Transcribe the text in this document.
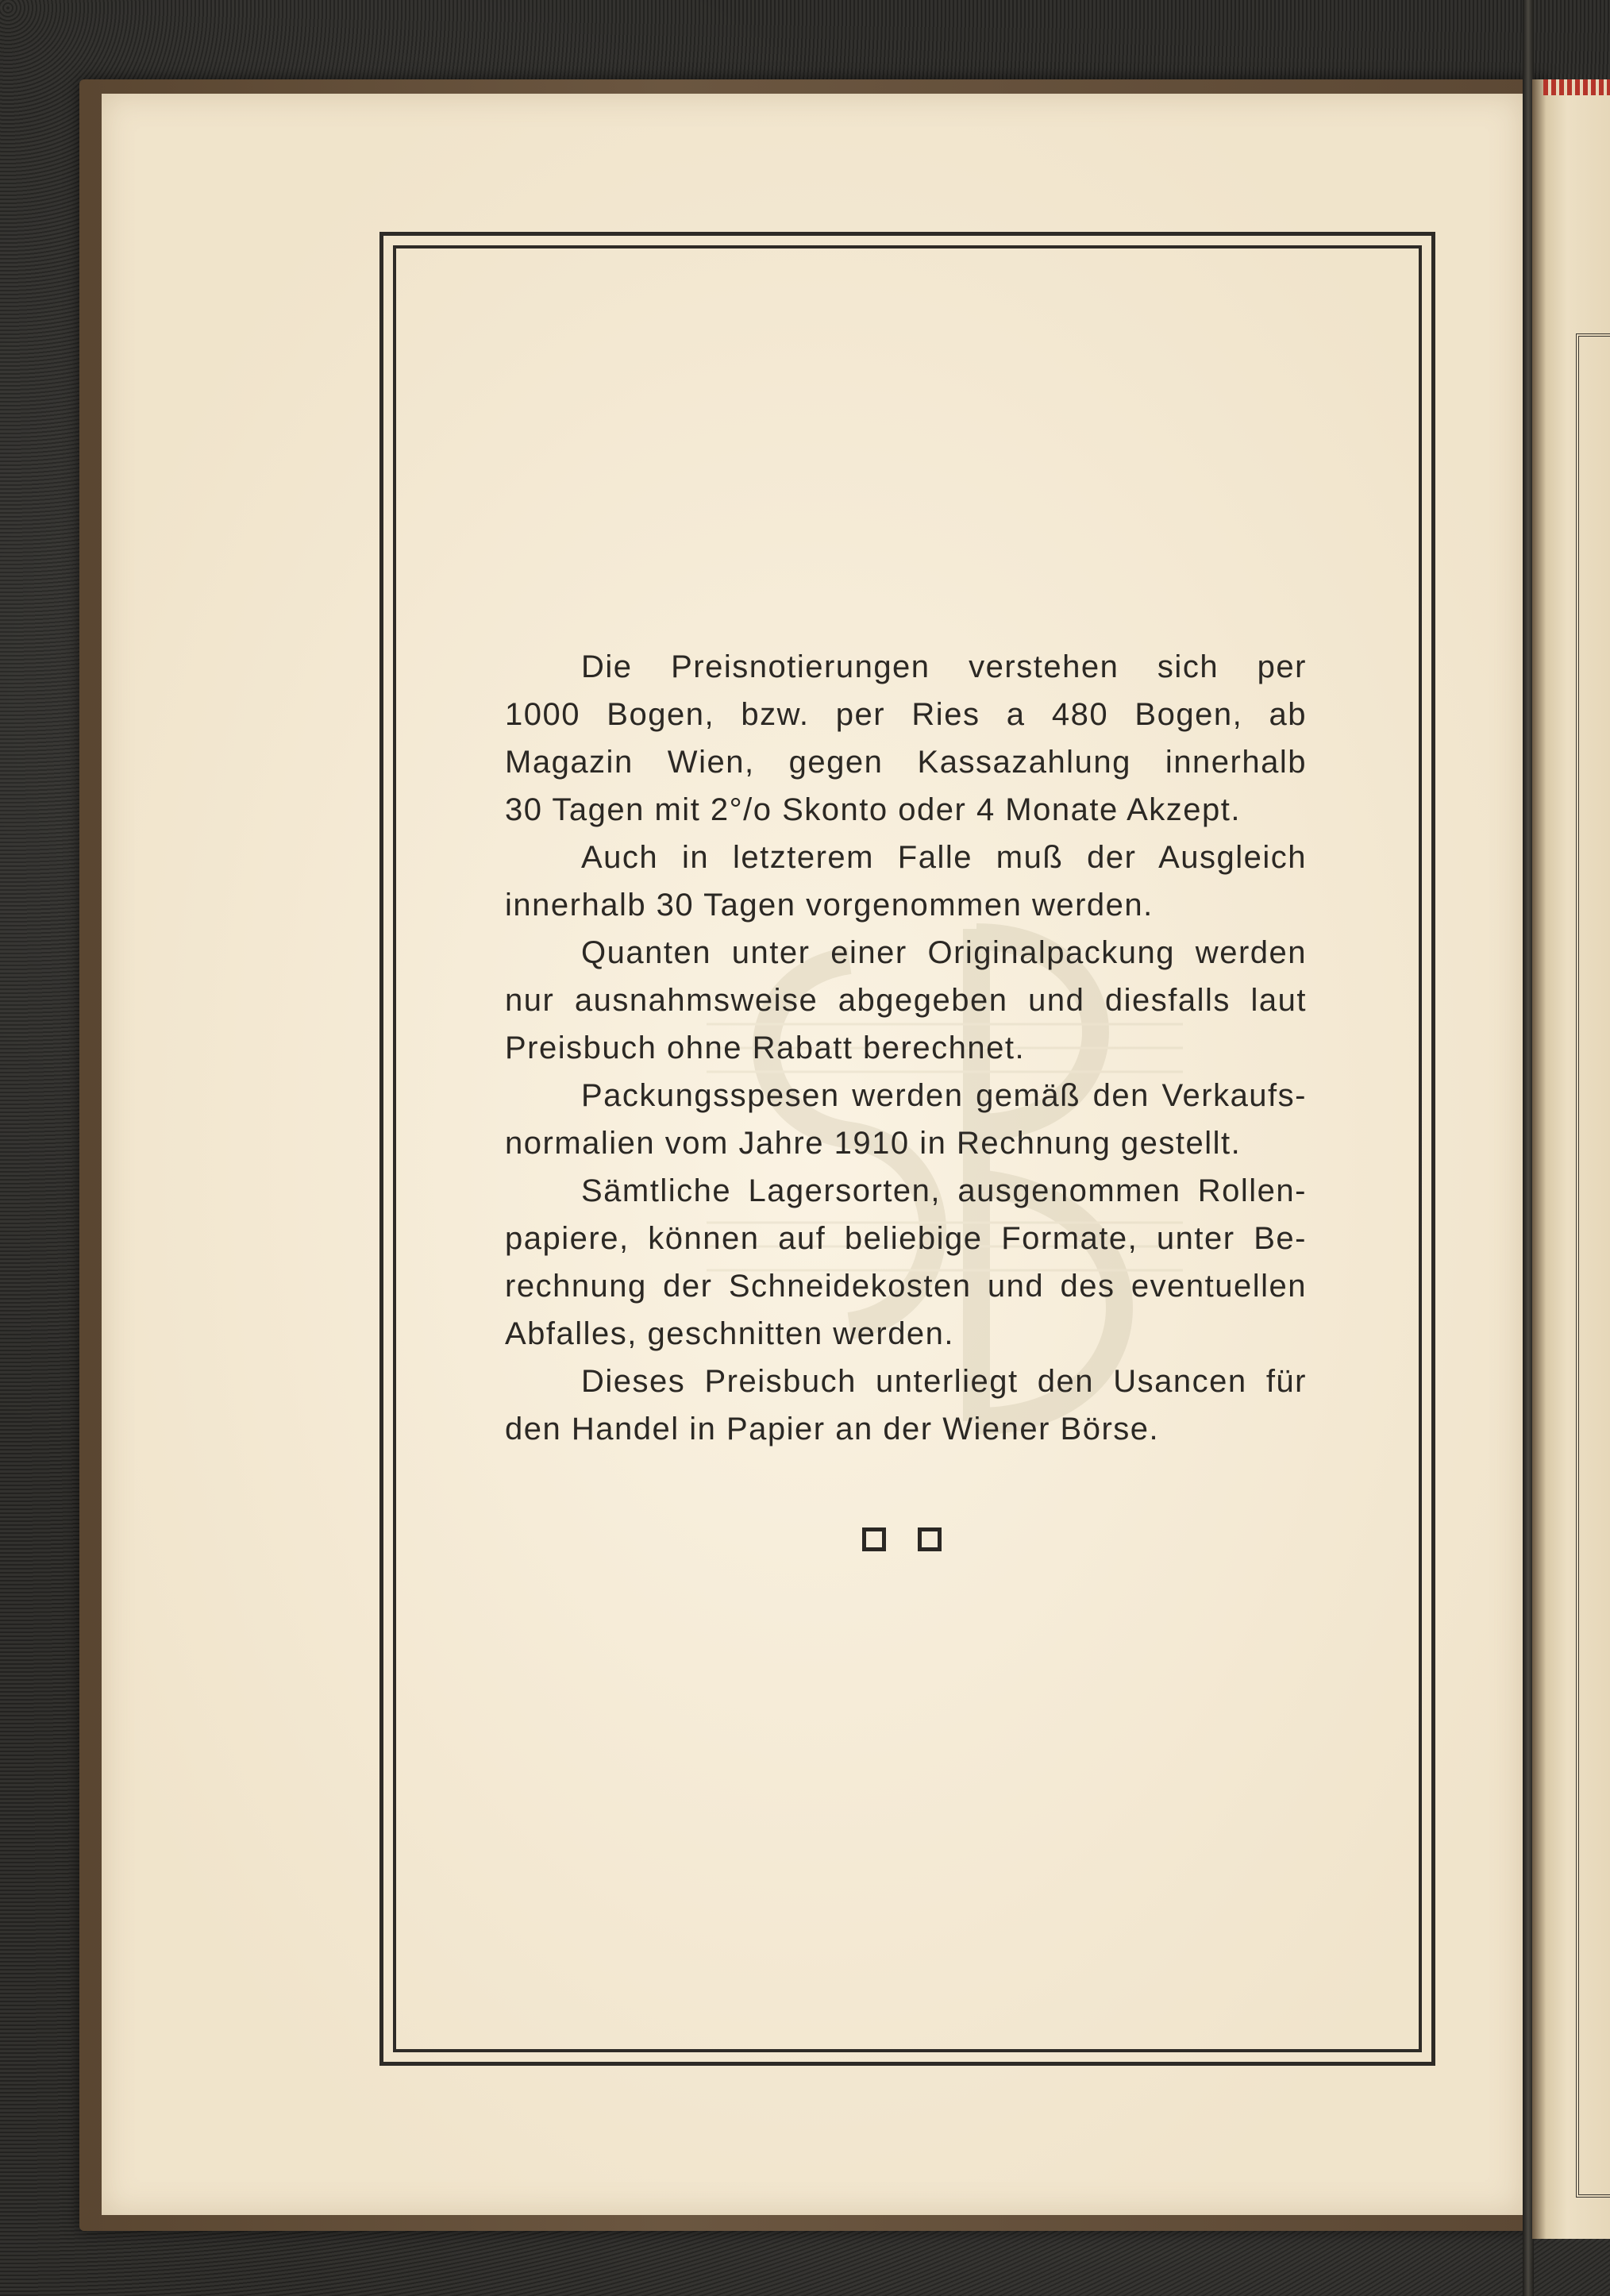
Die Preisnotierungen verstehen sich per
1000 Bogen, bzw. per Ries a 480 Bogen, ab
Magazin Wien, gegen Kassazahlung innerhalb
30 Tagen mit 2°/o Skonto oder 4 Monate Akzept.
Auch in letzterem Falle muß der Ausgleich
innerhalb 30 Tagen vorgenommen werden.
Quanten unter einer Originalpackung werden
nur ausnahmsweise abgegeben und diesfalls laut
Preisbuch ohne Rabatt berechnet.
Packungsspesen werden gemäß den Verkaufs-
normalien vom Jahre 1910 in Rechnung gestellt.
Sämtliche Lagersorten, ausgenommen Rollen-
papiere, können auf beliebige Formate, unter Be-
rechnung der Schneidekosten und des eventuellen
Abfalles, geschnitten werden.
Dieses Preisbuch unterliegt den Usancen für
den Handel in Papier an der Wiener Börse.
